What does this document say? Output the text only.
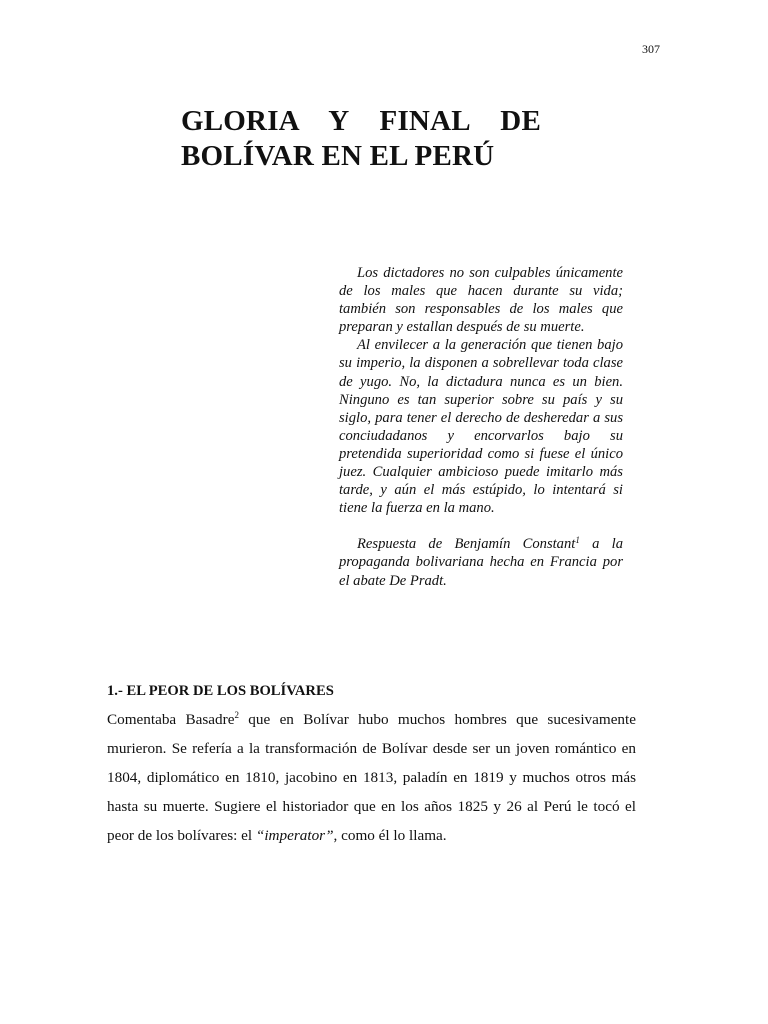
307
GLORIA Y FINAL DE
BOLÍVAR EN EL PERÚ

Los dictadores no son culpables únicamente de los males que hacen durante su vida; también son responsables de los males que preparan y estallan después de su muerte.

Al envilecer a la generación que tienen bajo su imperio, la disponen a sobrellevar toda clase de yugo. No, la dictadura nunca es un bien. Ninguno es tan superior sobre su país y su siglo, para tener el derecho de desheredar a sus conciudadanos y encorvarlos bajo su pretendida superioridad como si fuese el único juez. Cualquier ambicioso puede imitarlo más tarde, y aún el más estúpido, lo intentará si tiene la fuerza en la mano.

Respuesta de Benjamín Constant$^1$ a la propaganda bolivariana hecha en Francia por el abate De Pradt.

1.- EL PEOR DE LOS BOLÍVARES

Comentaba Basadre$^2$ que en Bolívar hubo muchos hombres que sucesivamente murieron. Se refería a la transformación de Bolívar desde ser un joven romántico en 1804, diplomático en 1810, jacobino en 1813, paladín en 1819 y muchos otros más hasta su muerte. Sugiere el historiador que en los años 1825 y 26 al Perú le tocó el peor de los bolívares: el “imperator”, como él lo llama.
